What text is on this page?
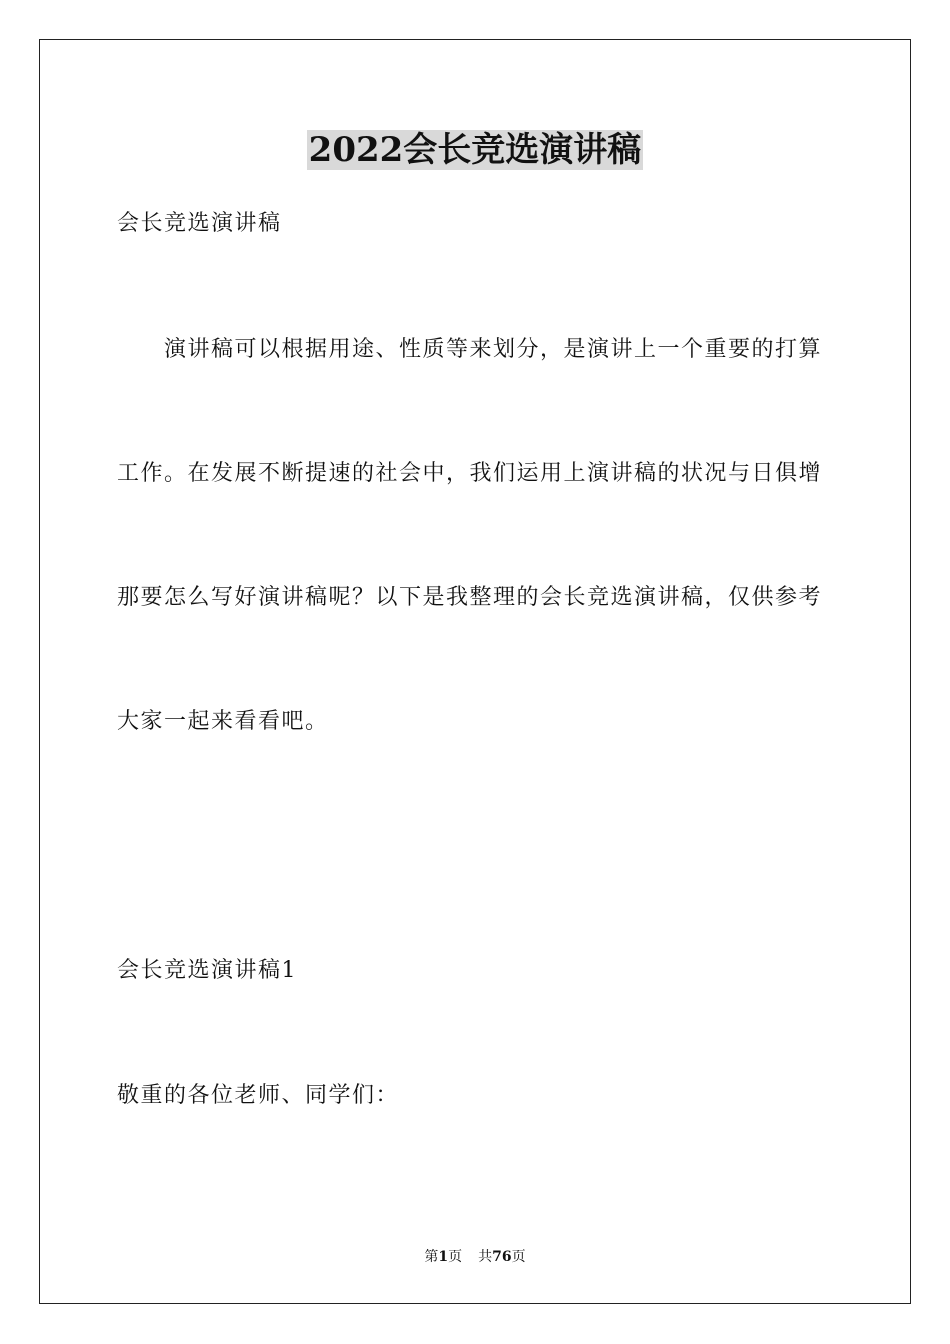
2022会长竞选演讲稿

会长竞选演讲稿

演讲稿可以根据用途、性质等来划分，是演讲上一个重要的打算

工作。在发展不断提速的社会中，我们运用上演讲稿的状况与日俱增

那要怎么写好演讲稿呢？以下是我整理的会长竞选演讲稿，仅供参考

大家一起来看看吧。

会长竞选演讲稿1

敬重的各位老师、同学们：

第1页 共76页
